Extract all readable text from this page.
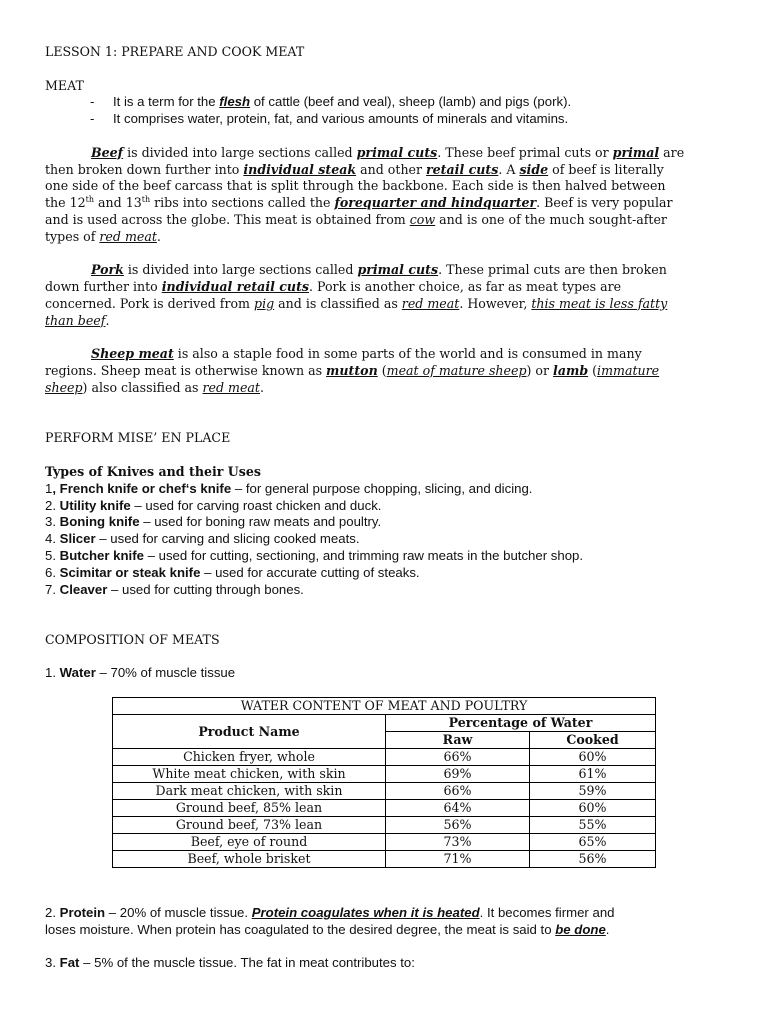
LESSON 1: PREPARE AND COOK MEAT
MEAT
- It is a term for the flesh of cattle (beef and veal), sheep (lamb) and pigs (pork).
- It comprises water, protein, fat, and various amounts of minerals and vitamins.
Beef is divided into large sections called primal cuts. These beef primal cuts or primal are
then broken down further into individual steak and other retail cuts. A side of beef is literally
one side of the beef carcass that is split through the backbone. Each side is then halved between
the 12th and 13th ribs into sections called the forequarter and hindquarter. Beef is very popular
and is used across the globe. This meat is obtained from cow and is one of the much sought-after
types of red meat.
Pork is divided into large sections called primal cuts. These primal cuts are then broken
down further into individual retail cuts. Pork is another choice, as far as meat types are
concerned. Pork is derived from pig and is classified as red meat. However, this meat is less fatty
than beef.
Sheep meat is also a staple food in some parts of the world and is consumed in many
regions. Sheep meat is otherwise known as mutton (meat of mature sheep) or lamb (immature
sheep) also classified as red meat.
PERFORM MISE’ EN PLACE
Types of Knives and their Uses
1, French knife or chef‘s knife – for general purpose chopping, slicing, and dicing.
2. Utility knife – used for carving roast chicken and duck.
3. Boning knife – used for boning raw meats and poultry.
4. Slicer – used for carving and slicing cooked meats.
5. Butcher knife – used for cutting, sectioning, and trimming raw meats in the butcher shop.
6. Scimitar or steak knife – used for accurate cutting of steaks.
7. Cleaver – used for cutting through bones.
COMPOSITION OF MEATS
1. Water – 70% of muscle tissue
WATER CONTENT OF MEAT AND POULTRY		
Product Name	Percentage of Water	
	Raw	Cooked
Chicken fryer, whole	66%	60%
White meat chicken, with skin	69%	61%
Dark meat chicken, with skin	66%	59%
Ground beef, 85% lean	64%	60%
Ground beef, 73% lean	56%	55%
Beef, eye of round	73%	65%
Beef, whole brisket	71%	56%
2. Protein – 20% of muscle tissue. Protein coagulates when it is heated. It becomes firmer and
loses moisture. When protein has coagulated to the desired degree, the meat is said to be done.
3. Fat – 5% of the muscle tissue. The fat in meat contributes to:
